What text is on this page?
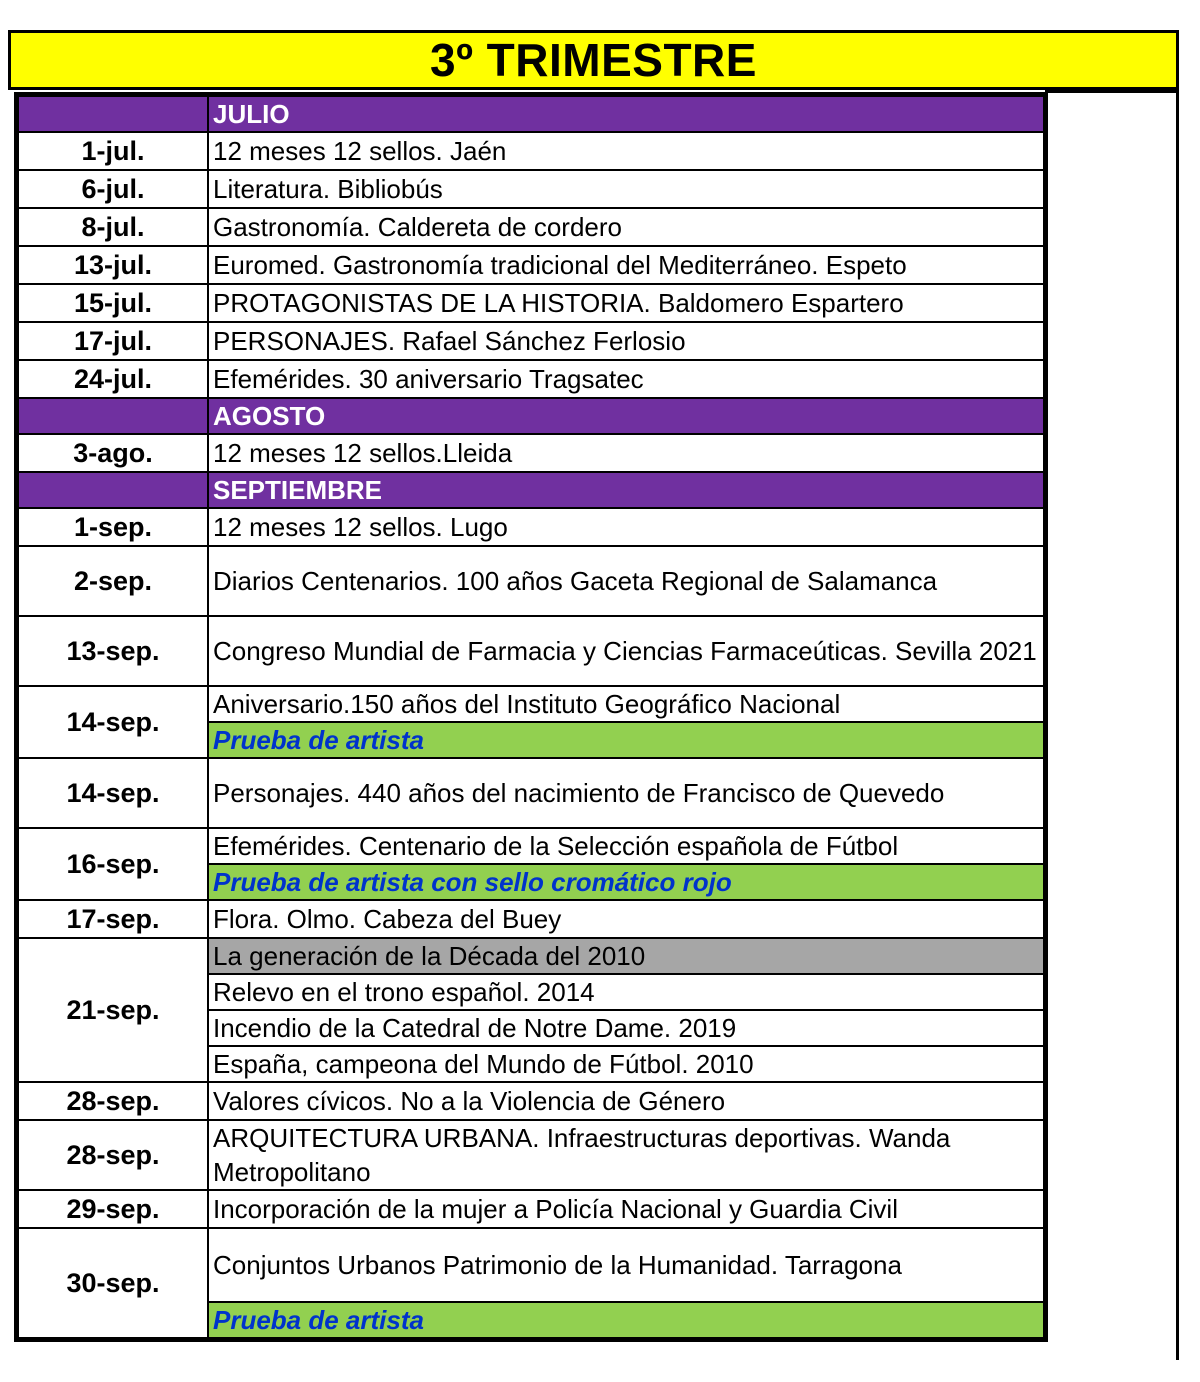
3º TRIMESTRE
	JULIO
1-jul.	12 meses 12 sellos. Jaén
6-jul.	Literatura. Bibliobús
8-jul.	Gastronomía. Caldereta de cordero
13-jul.	Euromed. Gastronomía tradicional del Mediterráneo. Espeto
15-jul.	PROTAGONISTAS DE LA HISTORIA. Baldomero Espartero
17-jul.	PERSONAJES. Rafael Sánchez Ferlosio
24-jul.	Efemérides. 30 aniversario Tragsatec
	AGOSTO
3-ago.	12 meses 12 sellos.Lleida
	SEPTIEMBRE
1-sep.	12 meses 12 sellos. Lugo
2-sep.	Diarios Centenarios. 100 años Gaceta Regional de Salamanca
13-sep.	Congreso Mundial de Farmacia y Ciencias Farmaceúticas. Sevilla 2021
14-sep.	Aniversario.150 años del Instituto Geográfico Nacional
	Prueba de artista
14-sep.	Personajes. 440 años del nacimiento de Francisco de Quevedo
16-sep.	Efemérides. Centenario de la Selección española de Fútbol
	Prueba de artista con sello cromático rojo
17-sep.	Flora. Olmo. Cabeza del Buey
21-sep.	La generación de la Década del 2010
	Relevo en el trono español. 2014
	Incendio de la Catedral de Notre Dame. 2019
	España, campeona del Mundo de Fútbol. 2010
28-sep.	Valores cívicos. No a la Violencia de Género
28-sep.	ARQUITECTURA URBANA. Infraestructuras deportivas. Wanda Metropolitano
29-sep.	Incorporación de la mujer a Policía Nacional y Guardia Civil
30-sep.	Conjuntos Urbanos Patrimonio de la Humanidad. Tarragona
	Prueba de artista
